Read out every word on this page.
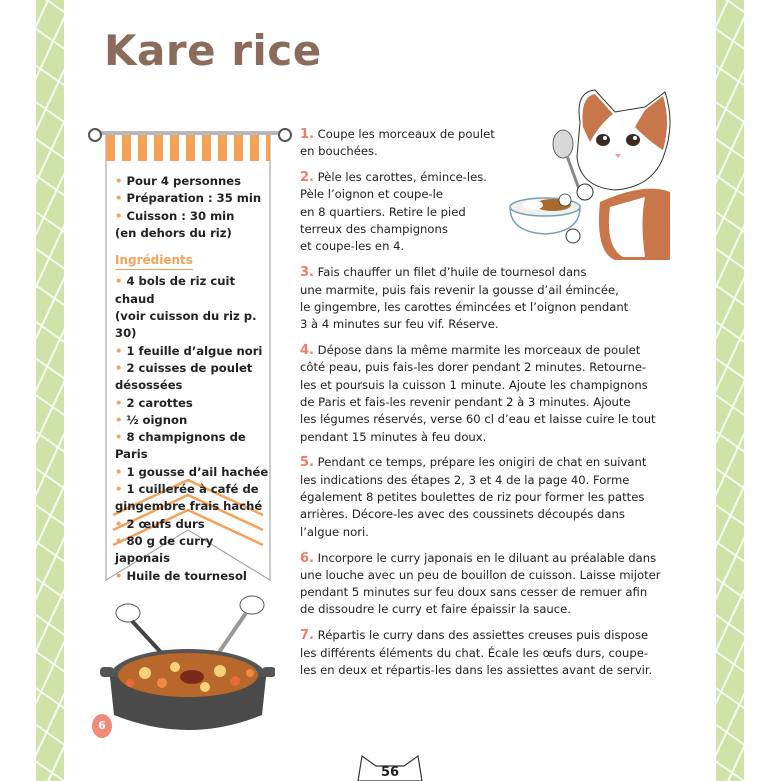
Kare rice
• Pour 4 personnes
• Préparation : 35 min
• Cuisson : 30 min
(en dehors du riz)
Ingrédients
• 4 bols de riz cuit chaud
(voir cuisson du riz p. 30)
• 1 feuille d’algue nori
• 2 cuisses de poulet
désossées
• 2 carottes
• ½ oignon
• 8 champignons de Paris
• 1 gousse d’ail hachée
• 1 cuillerée à café de
gingembre frais haché
• 2 œufs durs
• 80 g de curry japonais
• Huile de tournesol
1. Coupe les morceaux de poulet
en bouchées.
2. Pèle les carottes, émince-les.
Pèle l’oignon et coupe-le
en 8 quartiers. Retire le pied
terreux des champignons
et coupe-les en 4.
3. Fais chauffer un filet d’huile de tournesol dans
une marmite, puis fais revenir la gousse d’ail émincée,
le gingembre, les carottes émincées et l’oignon pendant
3 à 4 minutes sur feu vif. Réserve.
4. Dépose dans la même marmite les morceaux de poulet
côté peau, puis fais-les dorer pendant 2 minutes. Retourne-
les et poursuis la cuisson 1 minute. Ajoute les champignons
de Paris et fais-les revenir pendant 2 à 3 minutes. Ajoute
les légumes réservés, verse 60 cl d’eau et laisse cuire le tout
pendant 15 minutes à feu doux.
5. Pendant ce temps, prépare les onigiri de chat en suivant
les indications des étapes 2, 3 et 4 de la page 40. Forme
également 8 petites boulettes de riz pour former les pattes
arrières. Décore-les avec des coussinets découpés dans
l’algue nori.
6. Incorpore le curry japonais en le diluant au préalable dans
une louche avec un peu de bouillon de cuisson. Laisse mijoter
pendant 5 minutes sur feu doux sans cesser de remuer afin
de dissoudre le curry et faire épaissir la sauce.
7. Répartis le curry dans des assiettes creuses puis dispose
les différents éléments du chat. Écale les œufs durs, coupe-
les en deux et répartis-les dans les assiettes avant de servir.
6
56
